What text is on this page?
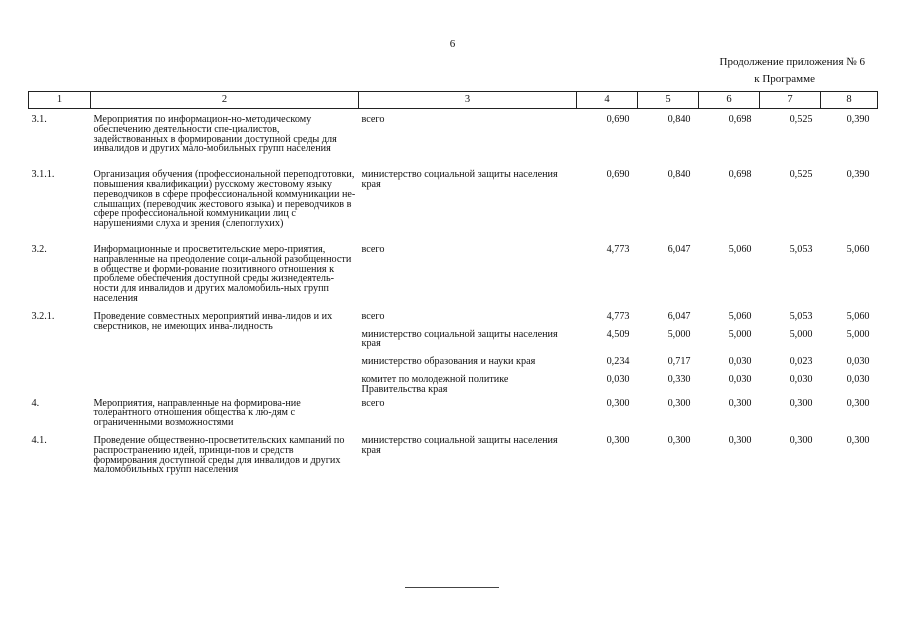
6
Продолжение приложения № 6
к Программе
1	2	3	4	5	6	7	8
3.1.	Мероприятия по информацион-но-методическому обеспечению деятельности спе-циалистов, задействованных в формировании доступной среды для инвалидов и других мало-мобильных групп населения	всего	0,690	0,840	0,698	0,525	0,390
3.1.1.	Организация обучения (профессиональной переподготовки, повышения квалификации) русскому жестовому языку переводчиков в сфере профессиональной коммуникации не-слышащих (переводчик жестового языка) и переводчиков в сфере профессиональной коммуникации лиц с нарушениями слуха и зрения (слепоглухих)	министерство социальной защиты населения края	0,690	0,840	0,698	0,525	0,390
3.2.	Информационные и просветительские меро-приятия, направленные на преодоление соци-альной разобщенности в обществе и форми-рование позитивного отношения к проблеме обеспечения доступной среды жизнедеятель-ности для инвалидов и других маломобиль-ных групп населения	всего	4,773	6,047	5,060	5,053	5,060
3.2.1.	Проведение совместных мероприятий инва-лидов и их сверстников, не имеющих инва-лидность	всего	4,773	6,047	5,060	5,053	5,060
		министерство социальной защиты населения края	4,509	5,000	5,000	5,000	5,000
		министерство образования и науки края	0,234	0,717	0,030	0,023	0,030
		комитет по молодежной политике Правительства края	0,030	0,330	0,030	0,030	0,030
4.	Мероприятия, направленные на формирова-ние толерантного отношения общества к лю-дям с ограниченными возможностями	всего	0,300	0,300	0,300	0,300	0,300
4.1.	Проведение общественно-просветительских кампаний по распространению идей, принци-пов и средств формирования доступной среды для инвалидов и других маломобильных групп населения	министерство социальной защиты населения края	0,300	0,300	0,300	0,300	0,300
